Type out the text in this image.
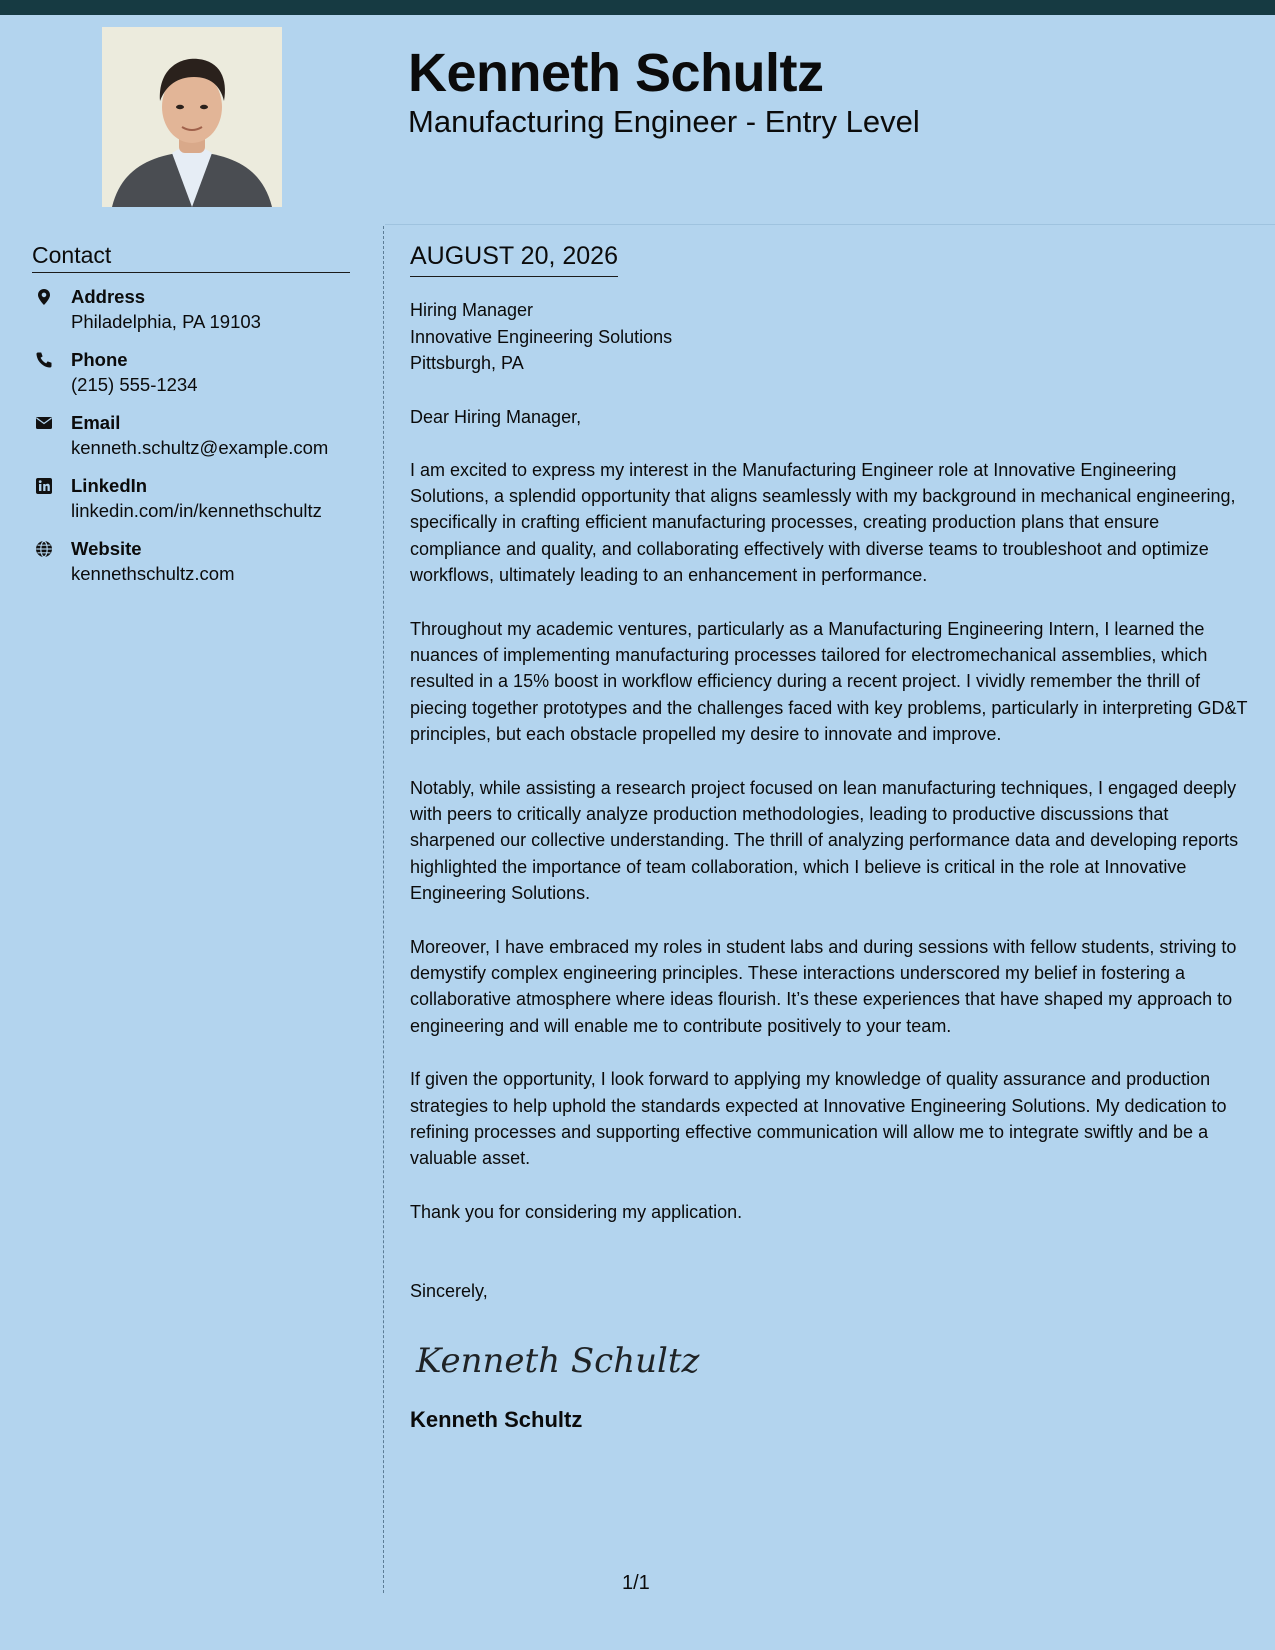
Kenneth Schultz
Manufacturing Engineer - Entry Level
Contact
Address
Philadelphia, PA 19103
Phone
(215) 555-1234
Email
kenneth.schultz@example.com
LinkedIn
linkedin.com/in/kennethschultz
Website
kennethschultz.com
AUGUST 20, 2026
Hiring Manager
Innovative Engineering Solutions
Pittsburgh, PA
Dear Hiring Manager,

I am excited to express my interest in the Manufacturing Engineer role at Innovative Engineering Solutions, a splendid opportunity that aligns seamlessly with my background in mechanical engineering, specifically in crafting efficient manufacturing processes, creating production plans that ensure compliance and quality, and collaborating effectively with diverse teams to troubleshoot and optimize workflows, ultimately leading to an enhancement in performance.

Throughout my academic ventures, particularly as a Manufacturing Engineering Intern, I learned the nuances of implementing manufacturing processes tailored for electromechanical assemblies, which resulted in a 15% boost in workflow efficiency during a recent project. I vividly remember the thrill of piecing together prototypes and the challenges faced with key problems, particularly in interpreting GD&T principles, but each obstacle propelled my desire to innovate and improve.

Notably, while assisting a research project focused on lean manufacturing techniques, I engaged deeply with peers to critically analyze production methodologies, leading to productive discussions that sharpened our collective understanding. The thrill of analyzing performance data and developing reports highlighted the importance of team collaboration, which I believe is critical in the role at Innovative Engineering Solutions.

Moreover, I have embraced my roles in student labs and during sessions with fellow students, striving to demystify complex engineering principles. These interactions underscored my belief in fostering a collaborative atmosphere where ideas flourish. It’s these experiences that have shaped my approach to engineering and will enable me to contribute positively to your team.

If given the opportunity, I look forward to applying my knowledge of quality assurance and production strategies to help uphold the standards expected at Innovative Engineering Solutions. My dedication to refining processes and supporting effective communication will allow me to integrate swiftly and be a valuable asset.

Thank you for considering my application.

Sincerely,
Kenneth Schultz
Kenneth Schultz
1/1
